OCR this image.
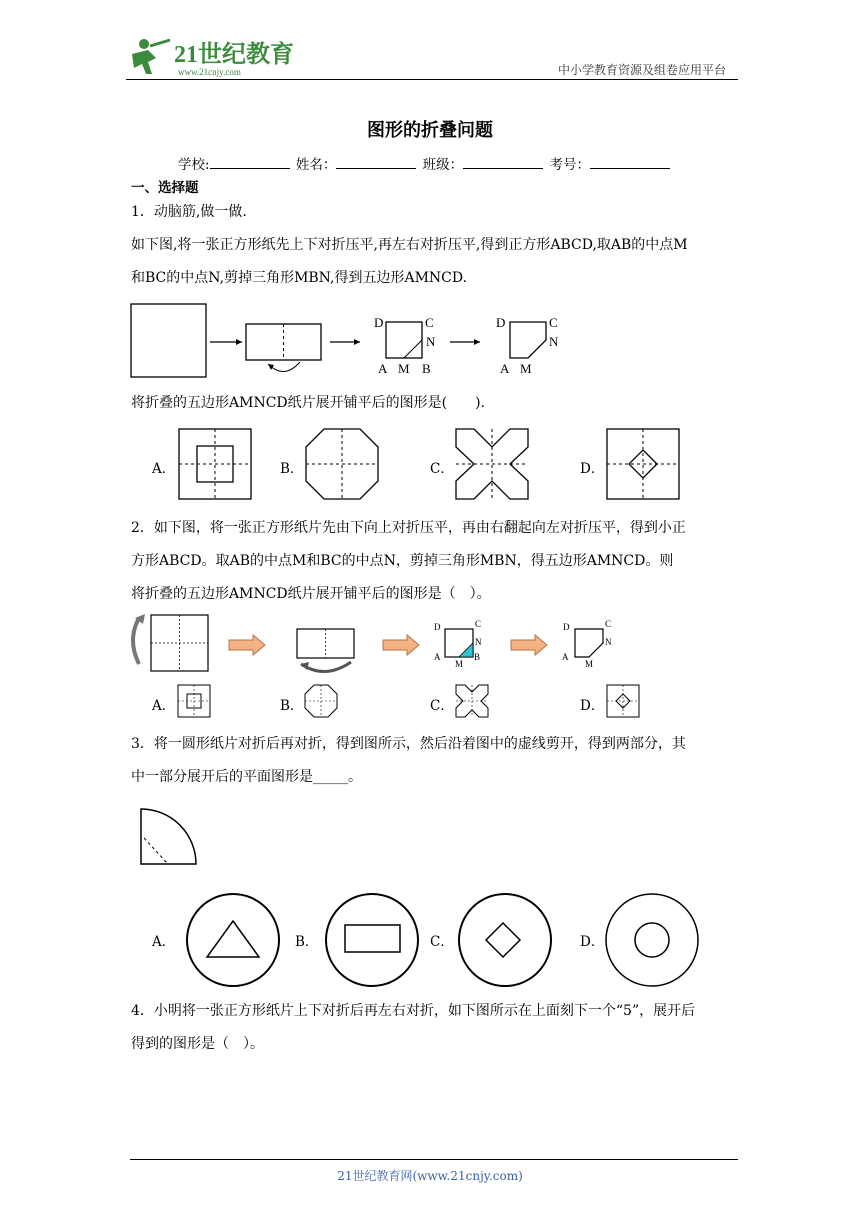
21世纪教育
www.21cnjy.com	中小学教育资源及组卷应用平台
图形的折叠问题
学校:	姓名：	班级：	考号：
一、选择题
1．动脑筋,做一做.
如下图,将一张正方形纸先上下对折压平,再左右对折压平,得到正方形ABCD,取AB的中点M
和BC的中点N,剪掉三角形MBN,得到五边形AMNCD.
D	C
N
A M B
D	C
N
A M
将折叠的五边形AMNCD纸片展开铺平后的图形是(　　).
A．	B．	C．	D．
2．如下图，将一张正方形纸片先由下向上对折压平，再由右翻起向左对折压平，得到小正
方形ABCD。取AB的中点M和BC的中点N，剪掉三角形MBN，得五边形AMNCD。则
将折叠的五边形AMNCD纸片展开铺平后的图形是（　）。
D	C
N
A
M
B
D	C
N
A
M
A．	B．	C．	D．
3．将一圆形纸片对折后再对折，得到图所示，然后沿着图中的虚线剪开，得到两部分，其
中一部分展开后的平面图形是_____。
A．	B．	C．	D．
4．小明将一张正方形纸片上下对折后再左右对折，如下图所示在上面刻下一个“5”，展开后
得到的图形是（　）。
21世纪教育网(www.21cnjy.com)
